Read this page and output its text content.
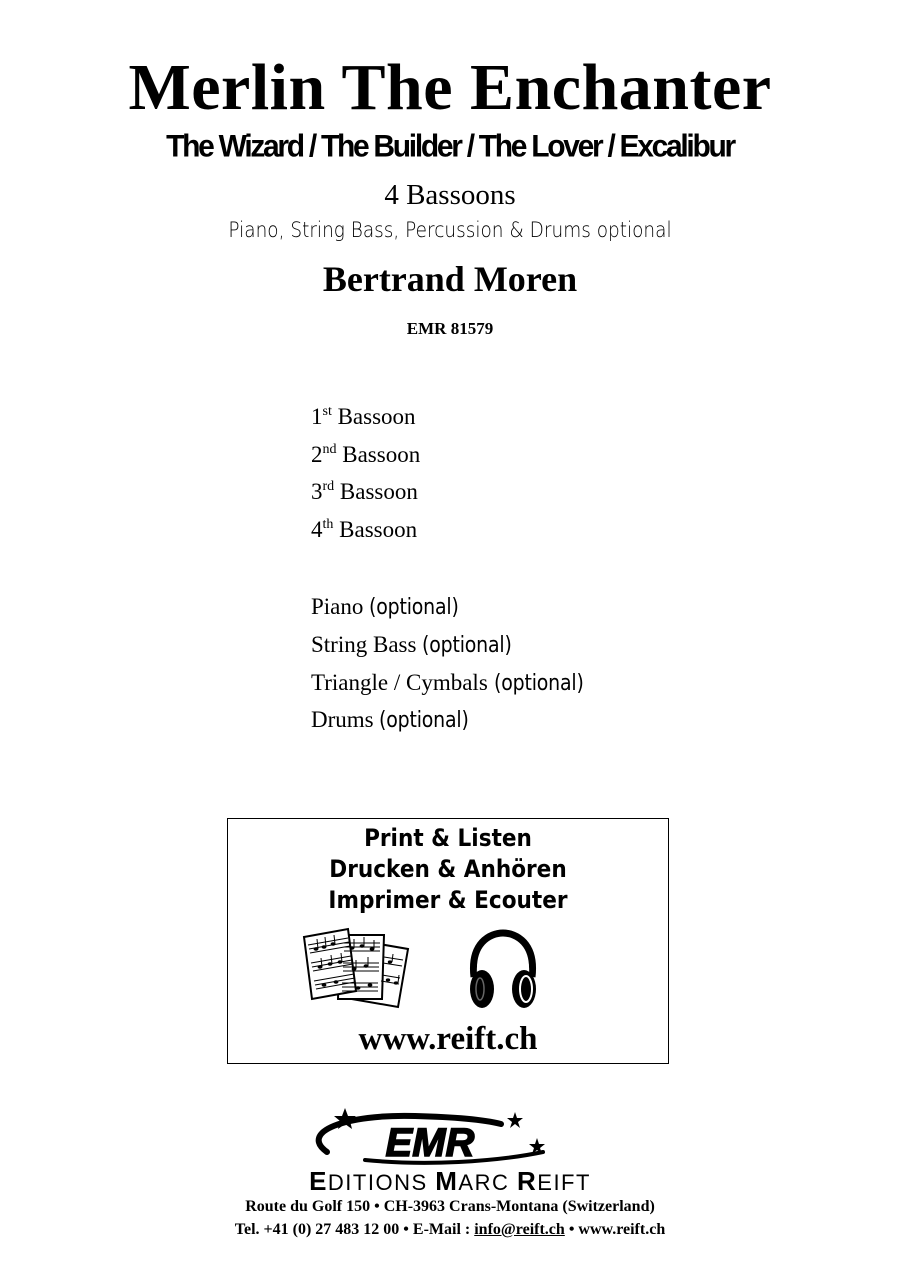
Merlin The Enchanter
The Wizard / The Builder / The Lover / Excalibur
4 Bassoons
Piano, String Bass, Percussion & Drums optional
Bertrand Moren
EMR 81579
1st Bassoon
2nd Bassoon
3rd Bassoon
4th Bassoon
Piano (optional)
String Bass (optional)
Triangle / Cymbals (optional)
Drums (optional)
Print & Listen
Drucken & Anhören
Imprimer & Ecouter
www.reift.ch
EMR
EDITIONS MARC REIFT
Route du Golf 150 • CH-3963 Crans-Montana (Switzerland)
Tel. +41 (0) 27 483 12 00 • E-Mail : info@reift.ch • www.reift.ch
